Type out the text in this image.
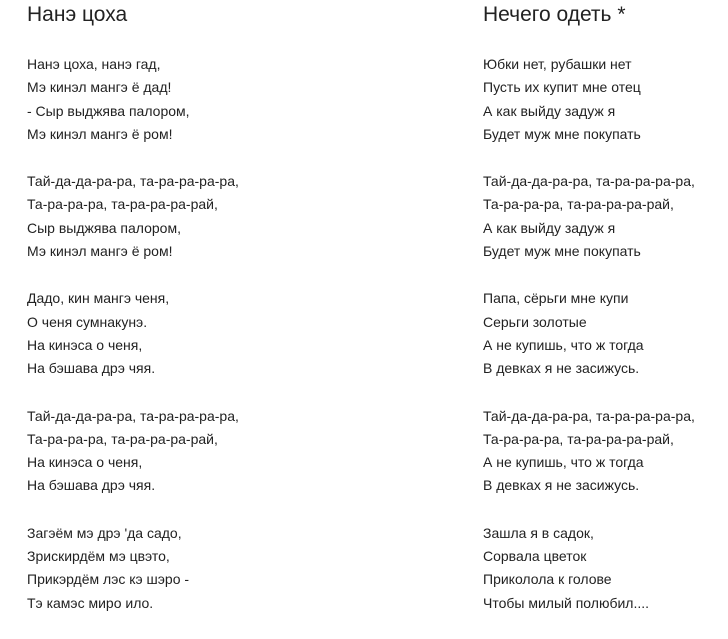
Нанэ цоха
Нанэ цоха, нанэ гад,
Мэ кинэл мангэ ё дад!
- Сыр выджява палором,
Мэ кинэл мангэ ё ром!
Тай-да-да-ра-ра, та-ра-ра-ра-ра,
Та-ра-ра-ра, та-ра-ра-ра-рай,
Сыр выджява палором,
Мэ кинэл мангэ ё ром!
Дадо, кин мангэ ченя,
О ченя сумнакунэ.
На кинэса о ченя,
На бэшава дрэ чяя.
Тай-да-да-ра-ра, та-ра-ра-ра-ра,
Та-ра-ра-ра, та-ра-ра-ра-рай,
На кинэса о ченя,
На бэшава дрэ чяя.
Загэём мэ дрэ 'да садо,
Зрискирдём мэ цвэто,
Прикэрдём лэс кэ шэро -
Тэ камэс миро ило.
Нечего одеть *
Юбки нет, рубашки нет
Пусть их купит мне отец
А как выйду задуж я
Будет муж мне покупать
Тай-да-да-ра-ра, та-ра-ра-ра-ра,
Та-ра-ра-ра, та-ра-ра-ра-рай,
А как выйду задуж я
Будет муж мне покупать
Папа, сёрьги мне купи
Серьги золотые
А не купишь, что ж тогда
В девках я не засижусь.
Тай-да-да-ра-ра, та-ра-ра-ра-ра,
Та-ра-ра-ра, та-ра-ра-ра-рай,
А не купишь, что ж тогда
В девках я не засижусь.
Зашла я в садок,
Сорвала цветок
Приколола к голове
Чтобы милый полюбил....
